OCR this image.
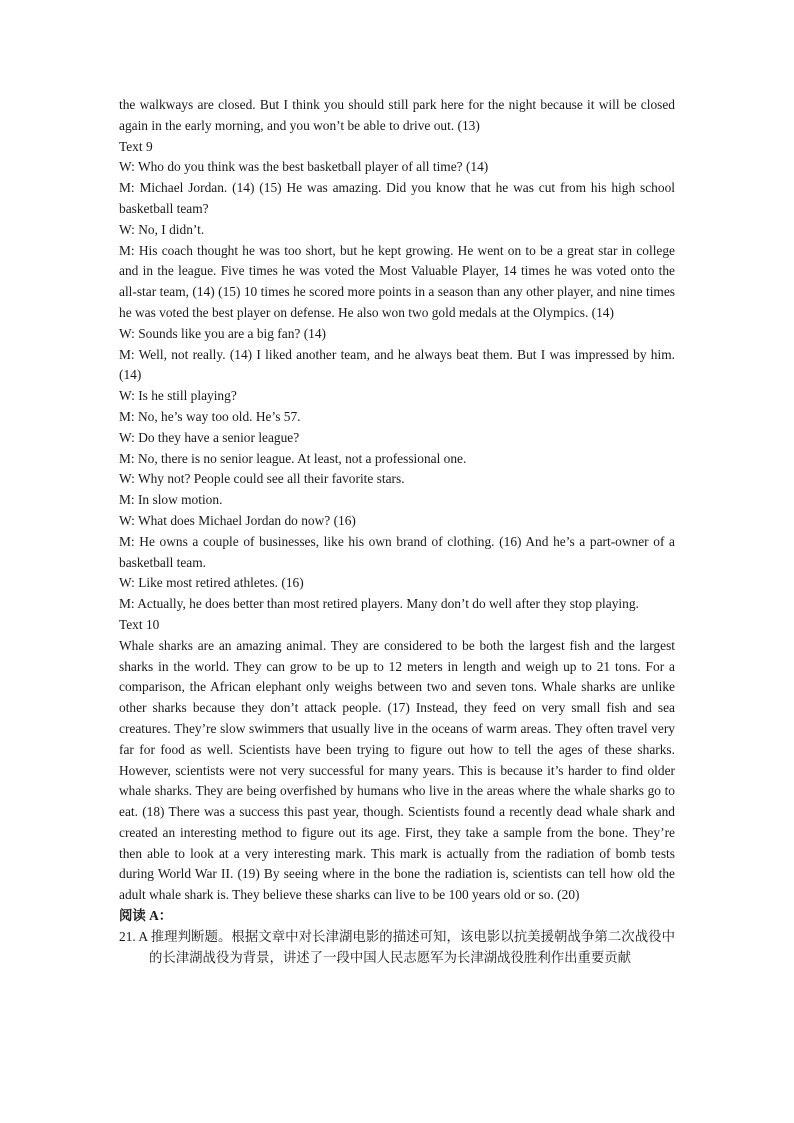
the walkways are closed. But I think you should still park here for the night because it will be closed again in the early morning, and you won’t be able to drive out. (13)

Text 9

W: Who do you think was the best basketball player of all time? (14)

M: Michael Jordan. (14) (15) He was amazing. Did you know that he was cut from his high school basketball team?

W: No, I didn’t.

M: His coach thought he was too short, but he kept growing. He went on to be a great star in college and in the league. Five times he was voted the Most Valuable Player, 14 times he was voted onto the all-star team, (14) (15) 10 times he scored more points in a season than any other player, and nine times he was voted the best player on defense. He also won two gold medals at the Olympics. (14)

W: Sounds like you are a big fan? (14)

M: Well, not really. (14) I liked another team, and he always beat them. But I was impressed by him. (14)

W: Is he still playing?

M: No, he’s way too old. He’s 57.

W: Do they have a senior league?

M: No, there is no senior league. At least, not a professional one.

W: Why not? People could see all their favorite stars.

M: In slow motion.

W: What does Michael Jordan do now? (16)

M: He owns a couple of businesses, like his own brand of clothing. (16) And he’s a part-owner of a basketball team.

W: Like most retired athletes. (16)

M: Actually, he does better than most retired players. Many don’t do well after they stop playing.

Text 10

Whale sharks are an amazing animal. They are considered to be both the largest fish and the largest sharks in the world. They can grow to be up to 12 meters in length and weigh up to 21 tons. For a comparison, the African elephant only weighs between two and seven tons. Whale sharks are unlike other sharks because they don’t attack people. (17) Instead, they feed on very small fish and sea creatures. They’re slow swimmers that usually live in the oceans of warm areas. They often travel very far for food as well. Scientists have been trying to figure out how to tell the ages of these sharks. However, scientists were not very successful for many years. This is because it’s harder to find older whale sharks. They are being overfished by humans who live in the areas where the whale sharks go to eat. (18) There was a success this past year, though. Scientists found a recently dead whale shark and created an interesting method to figure out its age. First, they take a sample from the bone. They’re then able to look at a very interesting mark. This mark is actually from the radiation of bomb tests during World War II. (19) By seeing where in the bone the radiation is, scientists can tell how old the adult whale shark is. They believe these sharks can live to be 100 years old or so. (20)

阅读 A：

21. A 推理判断题。根据文章中对长津湖电影的描述可知，该电影以抗美援朝战争第二次战役中的长津湖战役为背景，讲述了一段中国人民志愿军为长津湖战役胜利作出重要贡献
